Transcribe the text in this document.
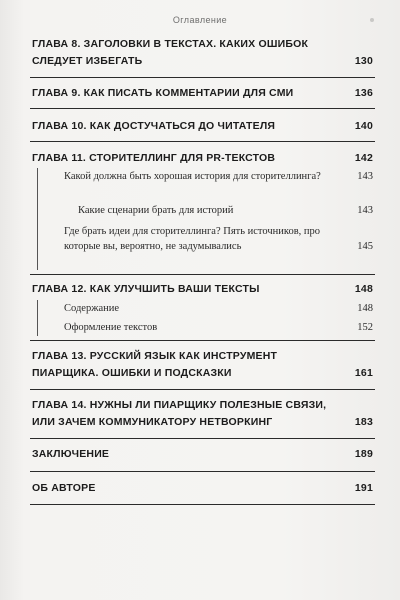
Оглавление
ГЛАВА 8. ЗАГОЛОВКИ В ТЕКСТАХ. КАКИХ ОШИБОК СЛЕДУЕТ ИЗБЕГАТЬ	130
ГЛАВА 9. КАК ПИСАТЬ КОММЕНТАРИИ ДЛЯ СМИ	136
ГЛАВА 10. КАК ДОСТУЧАТЬСЯ ДО ЧИТАТЕЛЯ	140
ГЛАВА 11. СТОРИТЕЛЛИНГ ДЛЯ PR-ТЕКСТОВ	142
Какой должна быть хорошая история для сторителлинга?	143
Какие сценарии брать для историй	143
Где брать идеи для сторителлинга? Пять источников, про которые вы, вероятно, не задумывались	145
ГЛАВА 12. КАК УЛУЧШИТЬ ВАШИ ТЕКСТЫ	148
Содержание	148
Оформление текстов	152
ГЛАВА 13. РУССКИЙ ЯЗЫК КАК ИНСТРУМЕНТ ПИАРЩИКА. ОШИБКИ И ПОДСКАЗКИ	161
ГЛАВА 14. НУЖНЫ ЛИ ПИАРЩИКУ ПОЛЕЗНЫЕ СВЯЗИ, ИЛИ ЗАЧЕМ КОММУНИКАТОРУ НЕТВОРКИНГ	183
ЗАКЛЮЧЕНИЕ	189
ОБ АВТОРЕ	191
